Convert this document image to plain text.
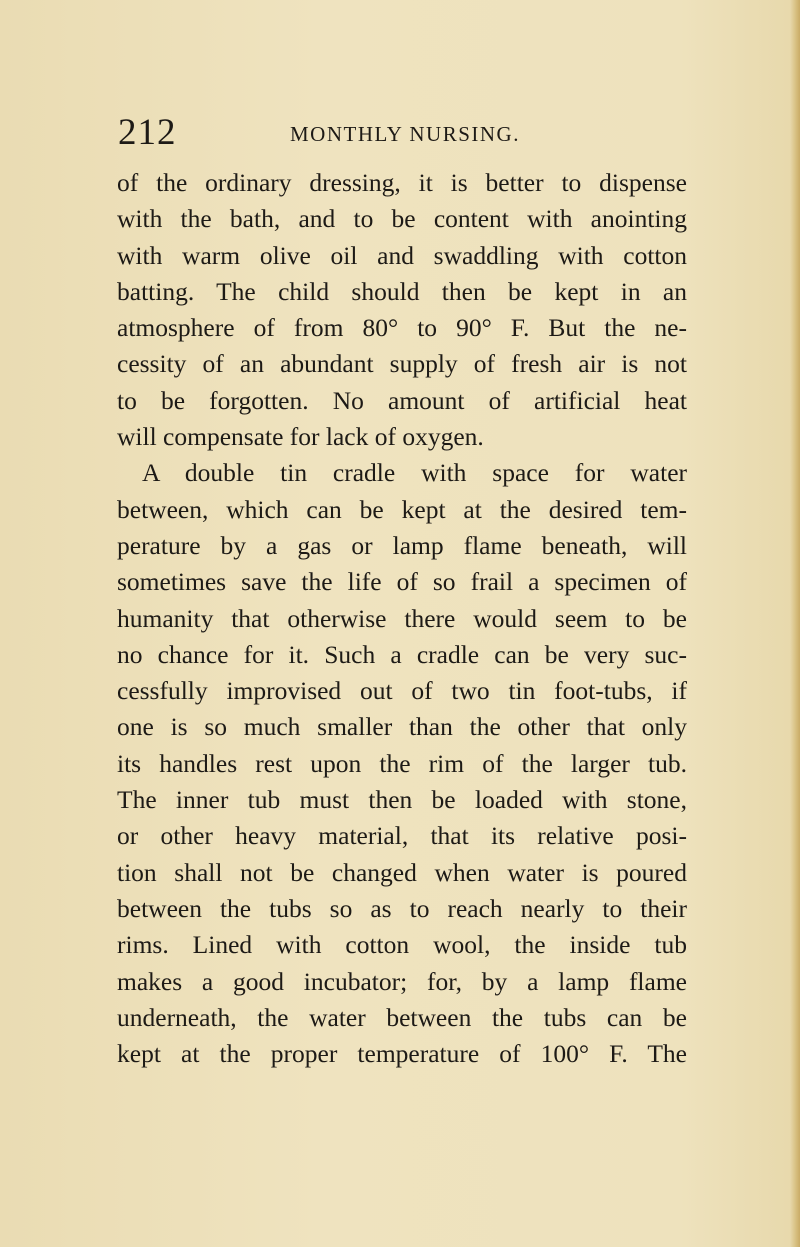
212	MONTHLY NURSING.
of the ordinary dressing, it is better to dispense
with the bath, and to be content with anointing
with warm olive oil and swaddling with cotton
batting. The child should then be kept in an
atmosphere of from 80° to 90° F. But the ne-
cessity of an abundant supply of fresh air is not
to be forgotten. No amount of artificial heat
will compensate for lack of oxygen.
A double tin cradle with space for water
between, which can be kept at the desired tem-
perature by a gas or lamp flame beneath, will
sometimes save the life of so frail a specimen of
humanity that otherwise there would seem to be
no chance for it. Such a cradle can be very suc-
cessfully improvised out of two tin foot-tubs, if
one is so much smaller than the other that only
its handles rest upon the rim of the larger tub.
The inner tub must then be loaded with stone,
or other heavy material, that its relative posi-
tion shall not be changed when water is poured
between the tubs so as to reach nearly to their
rims. Lined with cotton wool, the inside tub
makes a good incubator; for, by a lamp flame
underneath, the water between the tubs can be
kept at the proper temperature of 100° F. The
